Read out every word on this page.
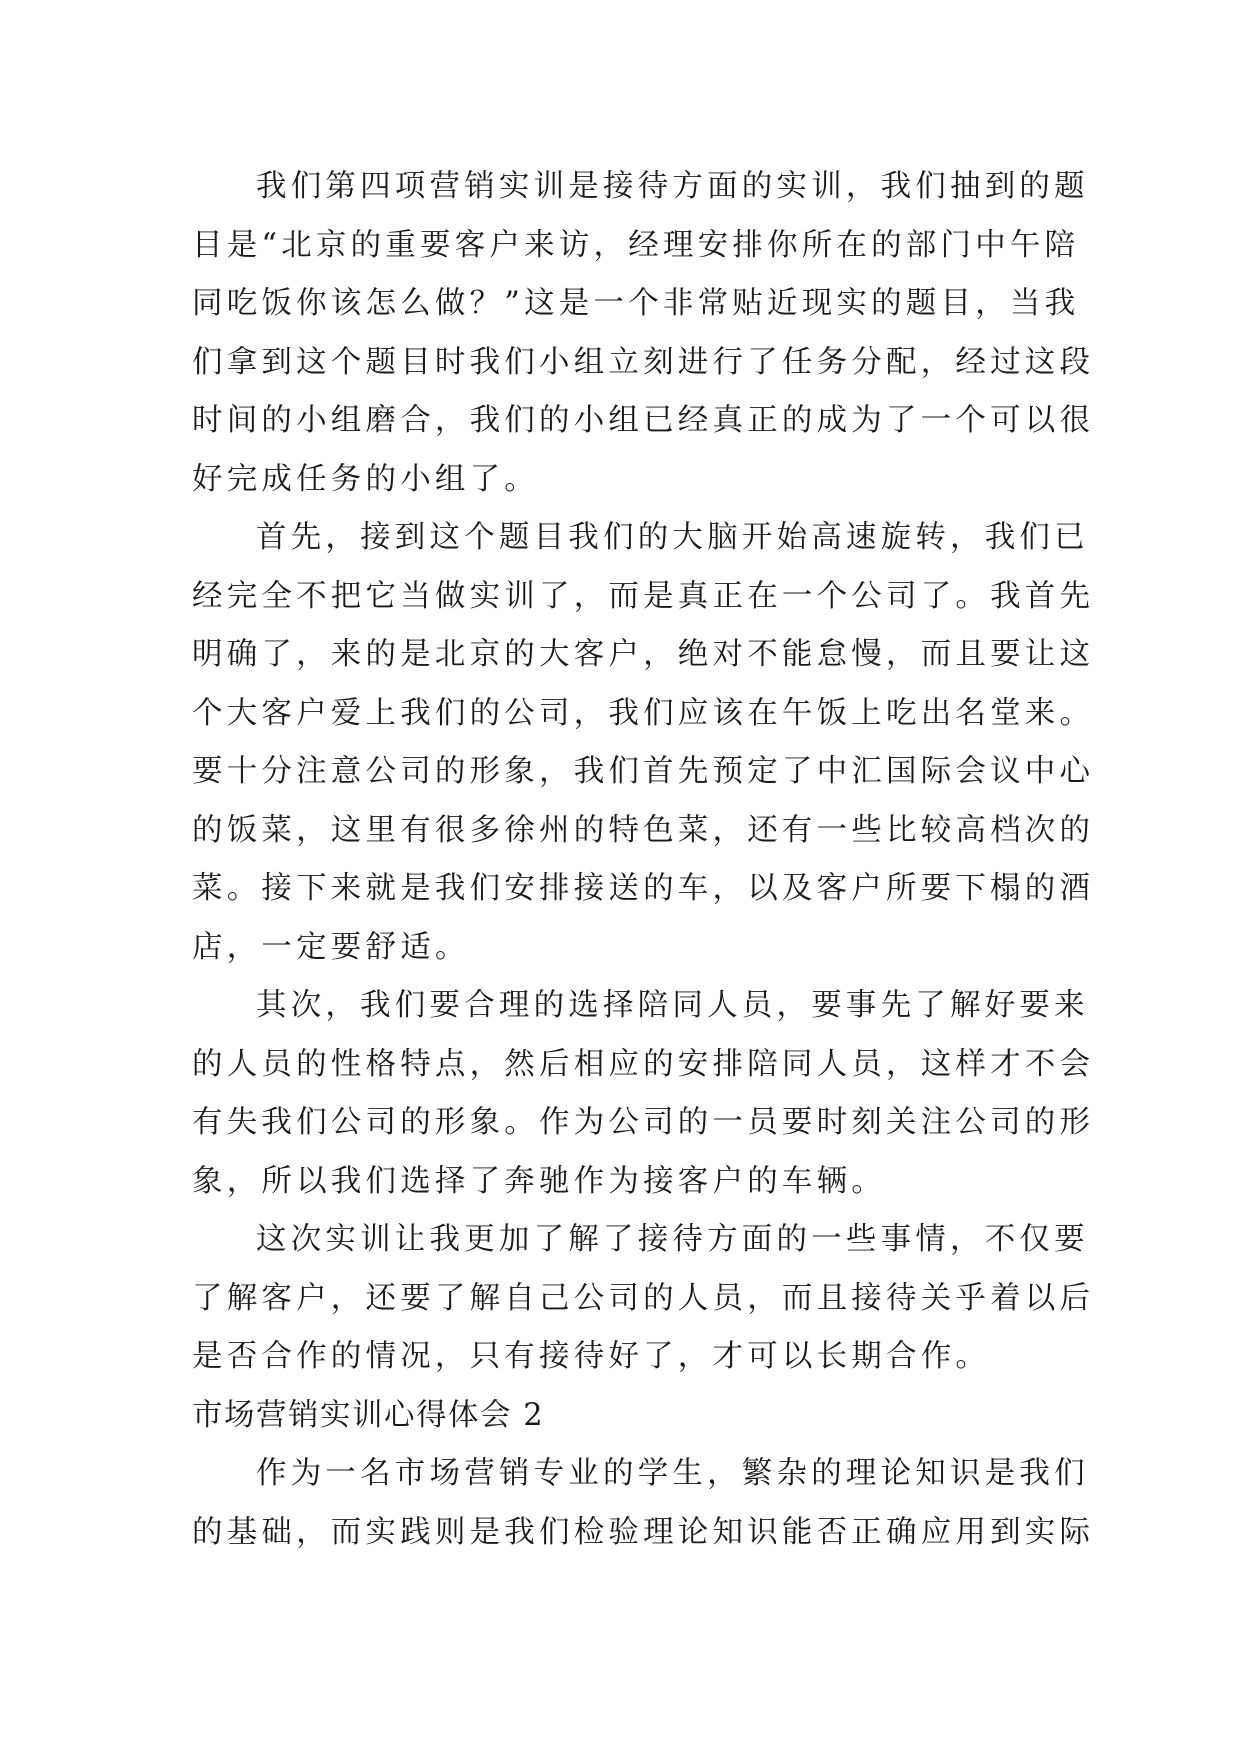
我们第四项营销实训是接待方面的实训，我们抽到的题
目是“北京的重要客户来访，经理安排你所在的部门中午陪
同吃饭你该怎么做？”这是一个非常贴近现实的题目，当我
们拿到这个题目时我们小组立刻进行了任务分配，经过这段
时间的小组磨合，我们的小组已经真正的成为了一个可以很
好完成任务的小组了。
首先，接到这个题目我们的大脑开始高速旋转，我们已
经完全不把它当做实训了，而是真正在一个公司了。我首先
明确了，来的是北京的大客户，绝对不能怠慢，而且要让这
个大客户爱上我们的公司，我们应该在午饭上吃出名堂来。
要十分注意公司的形象，我们首先预定了中汇国际会议中心
的饭菜，这里有很多徐州的特色菜，还有一些比较高档次的
菜。接下来就是我们安排接送的车，以及客户所要下榻的酒
店，一定要舒适。
其次，我们要合理的选择陪同人员，要事先了解好要来
的人员的性格特点，然后相应的安排陪同人员，这样才不会
有失我们公司的形象。作为公司的一员要时刻关注公司的形
象，所以我们选择了奔驰作为接客户的车辆。
这次实训让我更加了解了接待方面的一些事情，不仅要
了解客户，还要了解自己公司的人员，而且接待关乎着以后
是否合作的情况，只有接待好了，才可以长期合作。
市场营销实训心得体会 2
作为一名市场营销专业的学生，繁杂的理论知识是我们
的基础，而实践则是我们检验理论知识能否正确应用到实际
